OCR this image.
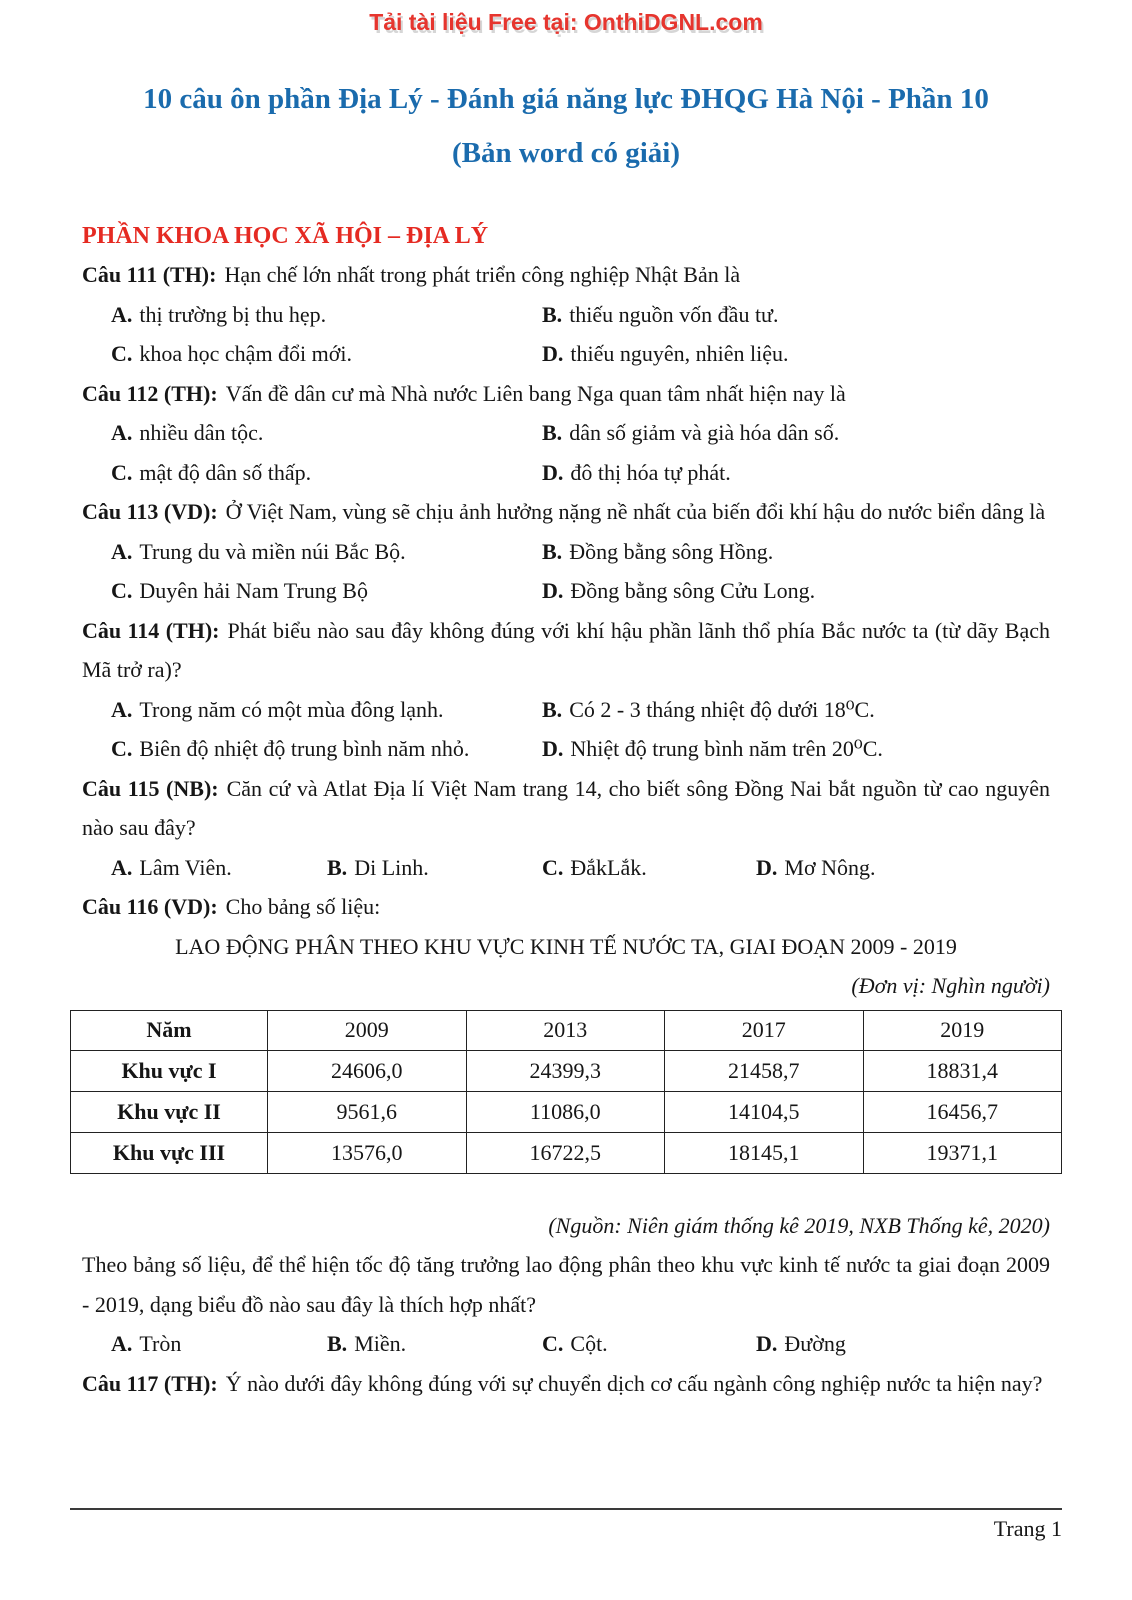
Tải tài liệu Free tại: OnthiDGNL.com
10 câu ôn phần Địa Lý - Đánh giá năng lực ĐHQG Hà Nội - Phần 10
(Bản word có giải)
PHẦN KHOA HỌC XÃ HỘI – ĐỊA LÝ
Câu 111 (TH): Hạn chế lớn nhất trong phát triển công nghiệp Nhật Bản là
A. thị trường bị thu hẹp.	B. thiếu nguồn vốn đầu tư.
C. khoa học chậm đổi mới.	D. thiếu nguyên, nhiên liệu.
Câu 112 (TH): Vấn đề dân cư mà Nhà nước Liên bang Nga quan tâm nhất hiện nay là
A. nhiều dân tộc.	B. dân số giảm và già hóa dân số.
C. mật độ dân số thấp.	D. đô thị hóa tự phát.
Câu 113 (VD): Ở Việt Nam, vùng sẽ chịu ảnh hưởng nặng nề nhất của biến đổi khí hậu do nước biển dâng là
A. Trung du và miền núi Bắc Bộ.	B. Đồng bằng sông Hồng.
C. Duyên hải Nam Trung Bộ	D. Đồng bằng sông Cửu Long.
Câu 114 (TH): Phát biểu nào sau đây không đúng với khí hậu phần lãnh thổ phía Bắc nước ta (từ dãy Bạch Mã trở ra)?
A. Trong năm có một mùa đông lạnh.	B. Có 2 - 3 tháng nhiệt độ dưới 18⁰C.
C. Biên độ nhiệt độ trung bình năm nhỏ.	D. Nhiệt độ trung bình năm trên 20⁰C.
Câu 115 (NB): Căn cứ và Atlat Địa lí Việt Nam trang 14, cho biết sông Đồng Nai bắt nguồn từ cao nguyên nào sau đây?
A. Lâm Viên.	B. Di Linh.	C. ĐắkLắk.	D. Mơ Nông.
Câu 116 (VD): Cho bảng số liệu:
LAO ĐỘNG PHÂN THEO KHU VỰC KINH TẾ NƯỚC TA, GIAI ĐOẠN 2009 - 2019
(Đơn vị: Nghìn người)
Năm	2009	2013	2017	2019
Khu vực I	24606,0	24399,3	21458,7	18831,4
Khu vực II	9561,6	11086,0	14104,5	16456,7
Khu vực III	13576,0	16722,5	18145,1	19371,1
(Nguồn: Niên giám thống kê 2019, NXB Thống kê, 2020)
Theo bảng số liệu, để thể hiện tốc độ tăng trưởng lao động phân theo khu vực kinh tế nước ta giai đoạn 2009 - 2019, dạng biểu đồ nào sau đây là thích hợp nhất?
A. Tròn	B. Miền.	C. Cột.	D. Đường
Câu 117 (TH): Ý nào dưới đây không đúng với sự chuyển dịch cơ cấu ngành công nghiệp nước ta hiện nay?
Trang 1
